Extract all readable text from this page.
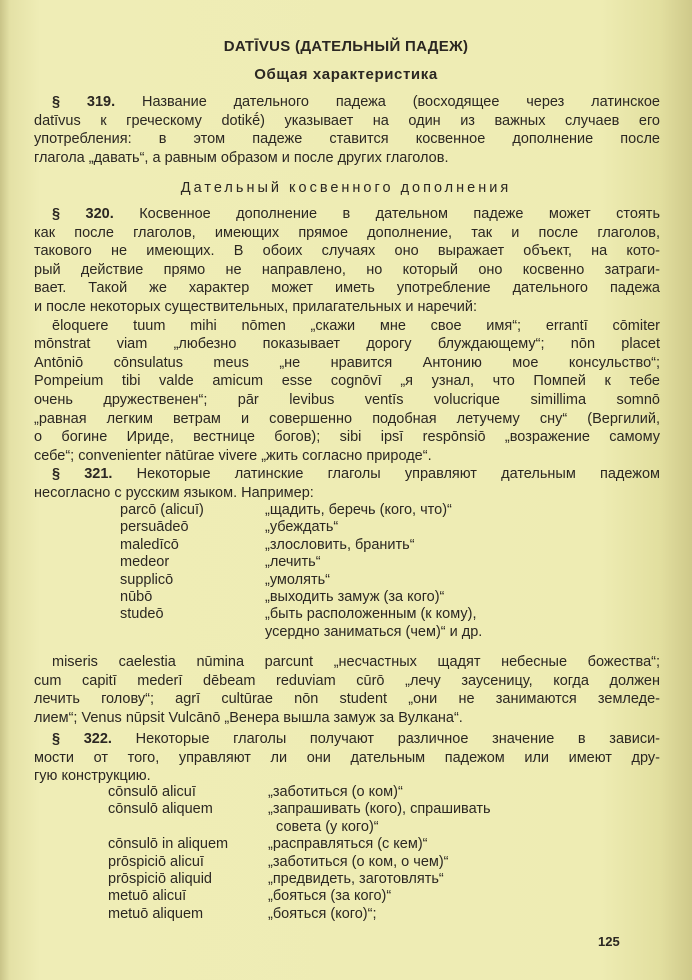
DATĪVUS (ДАТЕЛЬНЫЙ ПАДЕЖ)
Общая характеристика
§ 319. Название дательного падежа (восходящее через латинское
datīvus к греческому dotikḗ) указывает на один из важных случаев его
употребления: в этом падеже ставится косвенное дополнение после
глагола „давать“, а равным образом и после других глаголов.
Дательный косвенного дополнения
§ 320. Косвенное дополнение в дательном падеже может стоять
как после глаголов, имеющих прямое дополнение, так и после глаголов,
такового не имеющих. В обоих случаях оно выражает объект, на кото-
рый действие прямо не направлено, но который оно косвенно затраги-
вает. Такой же характер может иметь употребление дательного падежа
и после некоторых существительных, прилагательных и наречий:
ēloquere tuum mihi nōmen „скажи мне свое имя“; errantī cōmiter
mōnstrat viam „любезно показывает дорогу блуждающему“; nōn placet
Antōniō cōnsulatus meus „не нравится Антонию мое консульство“;
Pompeium tibi valde amicum esse cognōvī „я узнал, что Помпей к тебе
очень дружественен“; pār levibus ventīs volucrique simillima somnō
„равная легким ветрам и совершенно подобная летучему сну“ (Вергилий,
о богине Ириде, вестнице богов); sibi ipsī respōnsiō „возражение самому
себе“; convenienter nātūrae vivere „жить согласно природе“.
§ 321. Некоторые латинские глаголы управляют дательным падежом
несогласно с русским языком. Например:
parcō (alicuī)	„щадить, беречь (кого, что)“
persuādeō	„убеждать“
maledīcō	„злословить, бранить“
medeor	„лечить“
supplicō	„умолять“
nūbō	„выходить замуж (за кого)“
studeō	„быть расположенным (к кому),
усердно заниматься (чем)“ и др.
miseris caelestia nūmina parcunt „несчастных щадят небесные божества“;
cum capitī mederī dēbeam reduviam cūrō „лечу заусеницу, когда должен
лечить голову“; agrī cultūrae nōn student „они не занимаются земледе-
лием“; Venus nūpsit Vulcānō „Венера вышла замуж за Вулкана“.
§ 322. Некоторые глаголы получают различное значение в зависи-
мости от того, управляют ли они дательным падежом или имеют дру-
гую конструкцию.
cōnsulō alicuī	„заботиться (о ком)“
cōnsulō aliquem	„запрашивать (кого), спрашивать
совета (у кого)“
cōnsulō in aliquem	„расправляться (с кем)“
prōspiciō alicuī	„заботиться (о ком, о чем)“
prōspiciō aliquid	„предвидеть, заготовлять“
metuō alicuī	„бояться (за кого)“
metuō aliquem	„бояться (кого)“;
125
